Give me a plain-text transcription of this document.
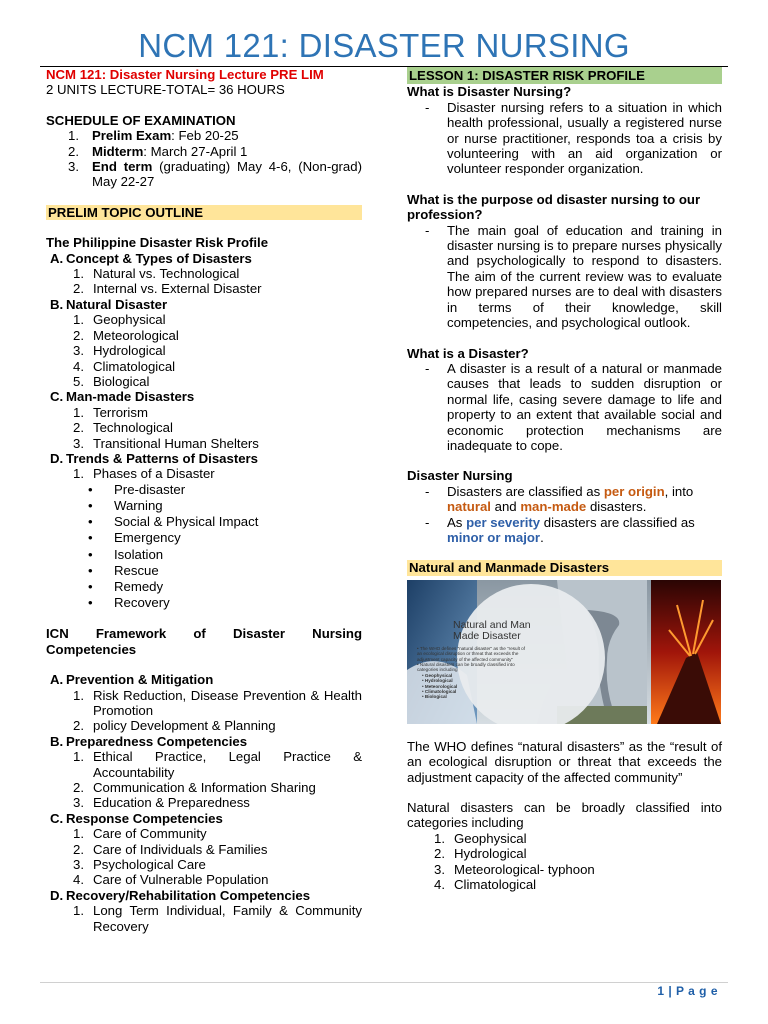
NCM 121: DISASTER NURSING
NCM 121: Disaster Nursing Lecture PRE LIM
2 UNITS LECTURE-TOTAL= 36 HOURS
SCHEDULE OF EXAMINATION
1. Prelim Exam: Feb 20-25
2. Midterm: March 27-April 1
3. End term (graduating) May 4-6, (Non-grad) May 22-27
PRELIM TOPIC OUTLINE
The Philippine Disaster Risk Profile
A. Concept & Types of Disasters
1. Natural vs. Technological
2. Internal vs. External Disaster
B. Natural Disaster
1. Geophysical
2. Meteorological
3. Hydrological
4. Climatological
5. Biological
C. Man-made Disasters
1. Terrorism
2. Technological
3. Transitional Human Shelters
D. Trends & Patterns of Disasters
1. Phases of a Disaster
•	Pre-disaster
•	Warning
•	Social & Physical Impact
•	Emergency
•	Isolation
•	Rescue
•	Remedy
•	Recovery
ICN Framework of Disaster Nursing Competencies
A. Prevention & Mitigation
1. Risk Reduction, Disease Prevention & Health Promotion
2. policy Development & Planning
B. Preparedness Competencies
1. Ethical Practice, Legal Practice & Accountability
2. Communication & Information Sharing
3. Education & Preparedness
C. Response Competencies
1. Care of Community
2. Care of Individuals & Families
3. Psychological Care
4. Care of Vulnerable Population
D. Recovery/Rehabilitation Competencies
1. Long Term Individual, Family & Community Recovery
LESSON 1: DISASTER RISK PROFILE
What is Disaster Nursing?
-	Disaster nursing refers to a situation in which health professional, usually a registered nurse or nurse practitioner, responds toa a crisis by volunteering with an aid organization or volunteer responder organization.
What is the purpose od disaster nursing to our profession?
-	The main goal of education and training in disaster nursing is to prepare nurses physically and psychologically to respond to disasters. The aim of the current review was to evaluate how prepared nurses are to deal with disasters in terms of their knowledge, skill competencies, and psychological outlook.
What is a Disaster?
-	A disaster is a result of a natural or manmade causes that leads to sudden disruption or normal life, casing severe damage to life and property to an extent that available social and economic protection mechanisms are inadequate to cope.
Disaster Nursing
-	Disasters are classified as per origin, into natural and man-made disasters.
-	As per severity disasters are classified as minor or major.
Natural and Manmade Disasters
Natural and Man
Made Disaster
• The WHO defines “natural disaster” as the “result of an ecological disruption or threat that exceeds the adjustment capacity of the affected community”
• Natural disasters can be broadly classified into categories including
• Geophysical
• Hydrological
• Meteorological
• Climatological
• Biological
The WHO defines “natural disasters” as the “result of an ecological disruption or threat that exceeds the adjustment capacity of the affected community”
Natural disasters can be broadly classified into categories including
1. Geophysical
2. Hydrological
3. Meteorological- typhoon
4. Climatological
1 | P a g e
